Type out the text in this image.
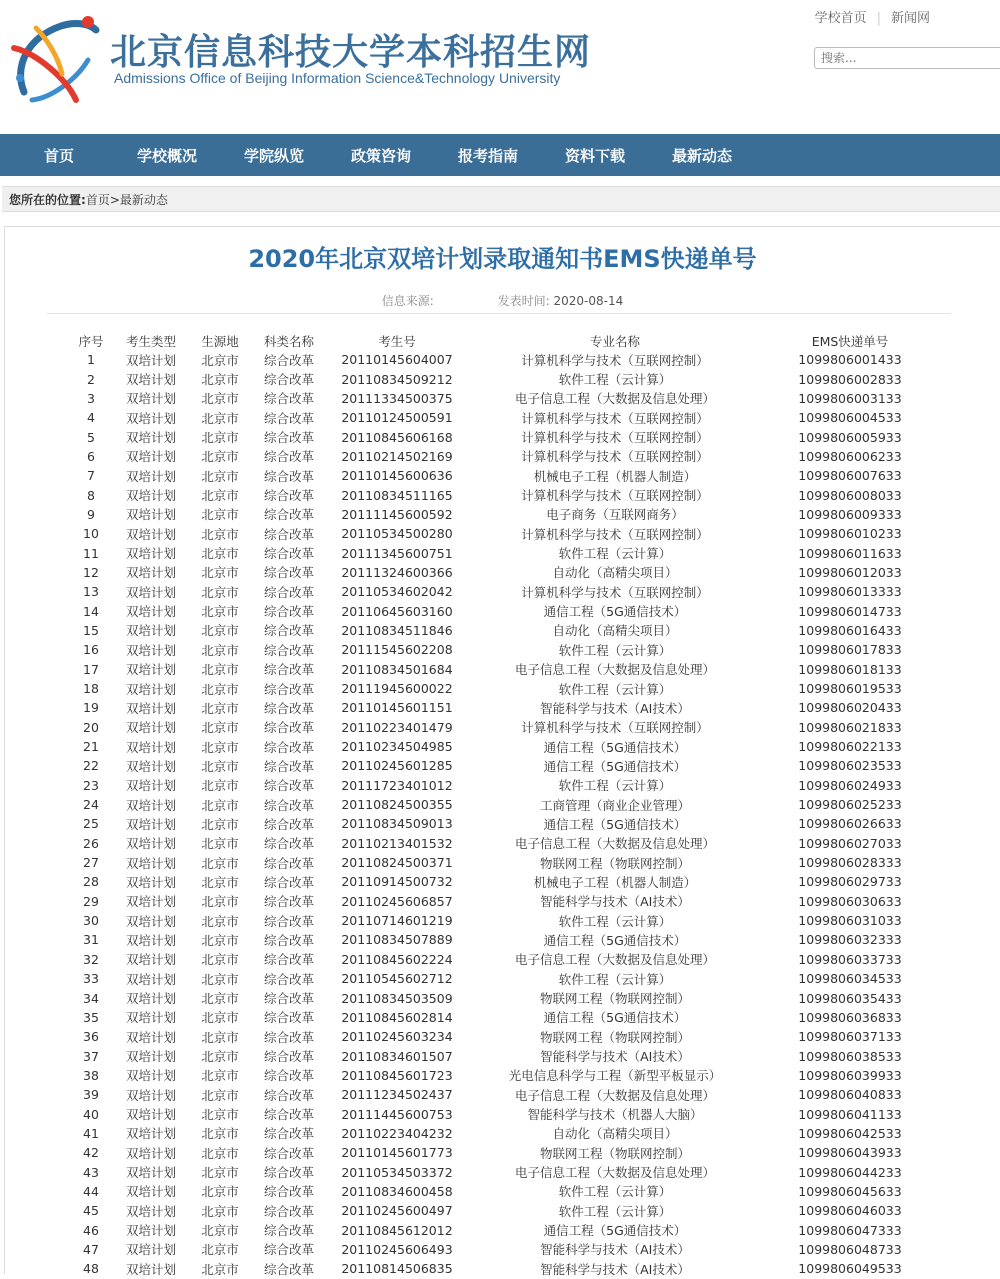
北京信息科技大学本科招生网
Admissions Office of Beijing Information Science&Technology University
学校首页 | 新闻网
搜索...
首页	学校概况	学院纵览	政策咨询	报考指南	资料下载	最新动态
您所在的位置:首页>最新动态
2020年北京双培计划录取通知书EMS快递单号
信息来源:	发表时间: 2020-08-14
序号	考生类型	生源地	科类名称	考生号	专业名称	EMS快递单号
1	双培计划	北京市	综合改革	20110145604007	计算机科学与技术（互联网控制）	1099806001433
2	双培计划	北京市	综合改革	20110834509212	软件工程（云计算）	1099806002833
3	双培计划	北京市	综合改革	20111334500375	电子信息工程（大数据及信息处理）	1099806003133
4	双培计划	北京市	综合改革	20110124500591	计算机科学与技术（互联网控制）	1099806004533
5	双培计划	北京市	综合改革	20110845606168	计算机科学与技术（互联网控制）	1099806005933
6	双培计划	北京市	综合改革	20110214502169	计算机科学与技术（互联网控制）	1099806006233
7	双培计划	北京市	综合改革	20110145600636	机械电子工程（机器人制造）	1099806007633
8	双培计划	北京市	综合改革	20110834511165	计算机科学与技术（互联网控制）	1099806008033
9	双培计划	北京市	综合改革	20111145600592	电子商务（互联网商务）	1099806009333
10	双培计划	北京市	综合改革	20110534500280	计算机科学与技术（互联网控制）	1099806010233
11	双培计划	北京市	综合改革	20111345600751	软件工程（云计算）	1099806011633
12	双培计划	北京市	综合改革	20111324600366	自动化（高精尖项目）	1099806012033
13	双培计划	北京市	综合改革	20110534602042	计算机科学与技术（互联网控制）	1099806013333
14	双培计划	北京市	综合改革	20110645603160	通信工程（5G通信技术）	1099806014733
15	双培计划	北京市	综合改革	20110834511846	自动化（高精尖项目）	1099806016433
16	双培计划	北京市	综合改革	20111545602208	软件工程（云计算）	1099806017833
17	双培计划	北京市	综合改革	20110834501684	电子信息工程（大数据及信息处理）	1099806018133
18	双培计划	北京市	综合改革	20111945600022	软件工程（云计算）	1099806019533
19	双培计划	北京市	综合改革	20110145601151	智能科学与技术（AI技术）	1099806020433
20	双培计划	北京市	综合改革	20110223401479	计算机科学与技术（互联网控制）	1099806021833
21	双培计划	北京市	综合改革	20110234504985	通信工程（5G通信技术）	1099806022133
22	双培计划	北京市	综合改革	20110245601285	通信工程（5G通信技术）	1099806023533
23	双培计划	北京市	综合改革	20111723401012	软件工程（云计算）	1099806024933
24	双培计划	北京市	综合改革	20110824500355	工商管理（商业企业管理）	1099806025233
25	双培计划	北京市	综合改革	20110834509013	通信工程（5G通信技术）	1099806026633
26	双培计划	北京市	综合改革	20110213401532	电子信息工程（大数据及信息处理）	1099806027033
27	双培计划	北京市	综合改革	20110824500371	物联网工程（物联网控制）	1099806028333
28	双培计划	北京市	综合改革	20110914500732	机械电子工程（机器人制造）	1099806029733
29	双培计划	北京市	综合改革	20110245606857	智能科学与技术（AI技术）	1099806030633
30	双培计划	北京市	综合改革	20110714601219	软件工程（云计算）	1099806031033
31	双培计划	北京市	综合改革	20110834507889	通信工程（5G通信技术）	1099806032333
32	双培计划	北京市	综合改革	20110845602224	电子信息工程（大数据及信息处理）	1099806033733
33	双培计划	北京市	综合改革	20110545602712	软件工程（云计算）	1099806034533
34	双培计划	北京市	综合改革	20110834503509	物联网工程（物联网控制）	1099806035433
35	双培计划	北京市	综合改革	20110845602814	通信工程（5G通信技术）	1099806036833
36	双培计划	北京市	综合改革	20110245603234	物联网工程（物联网控制）	1099806037133
37	双培计划	北京市	综合改革	20110834601507	智能科学与技术（AI技术）	1099806038533
38	双培计划	北京市	综合改革	20110845601723	光电信息科学与工程（新型平板显示）	1099806039933
39	双培计划	北京市	综合改革	20111234502437	电子信息工程（大数据及信息处理）	1099806040833
40	双培计划	北京市	综合改革	20111445600753	智能科学与技术（机器人大脑）	1099806041133
41	双培计划	北京市	综合改革	20110223404232	自动化（高精尖项目）	1099806042533
42	双培计划	北京市	综合改革	20110145601773	物联网工程（物联网控制）	1099806043933
43	双培计划	北京市	综合改革	20110534503372	电子信息工程（大数据及信息处理）	1099806044233
44	双培计划	北京市	综合改革	20110834600458	软件工程（云计算）	1099806045633
45	双培计划	北京市	综合改革	20110245600497	软件工程（云计算）	1099806046033
46	双培计划	北京市	综合改革	20110845612012	通信工程（5G通信技术）	1099806047333
47	双培计划	北京市	综合改革	20110245606493	智能科学与技术（AI技术）	1099806048733
48	双培计划	北京市	综合改革	20110814506835	智能科学与技术（AI技术）	1099806049533
